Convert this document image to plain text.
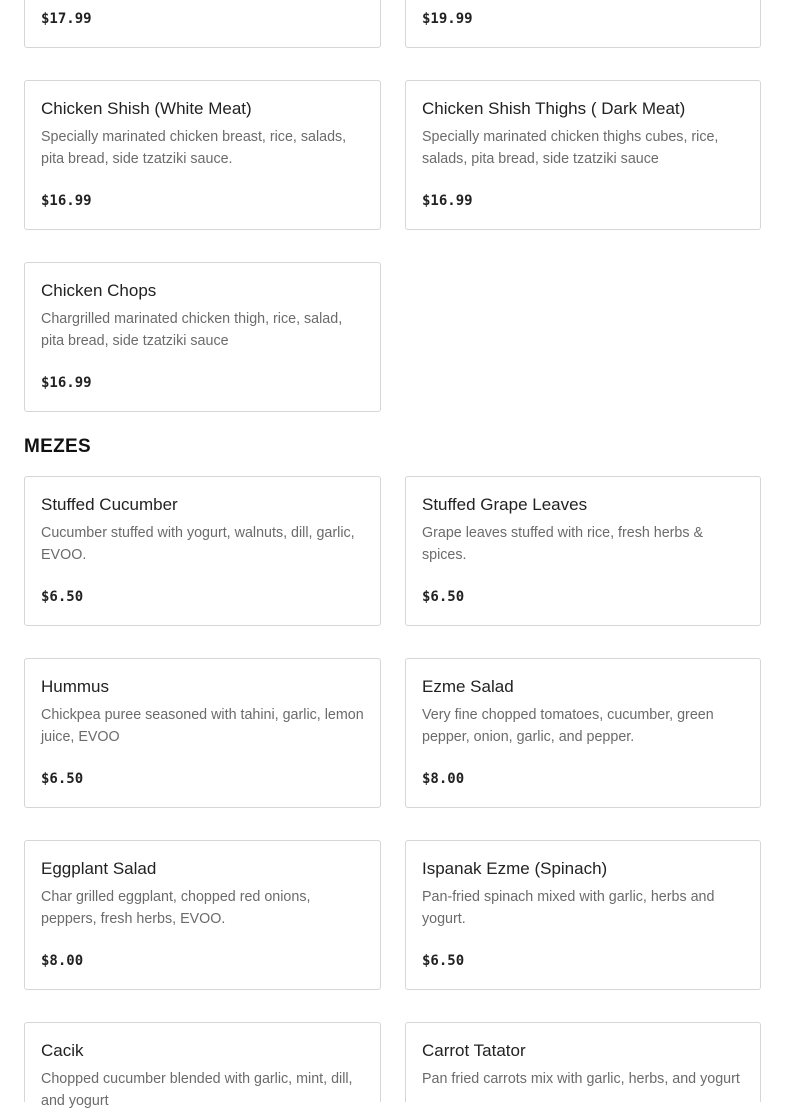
$17.99	$19.99
Chicken Shish (White Meat)
Specially marinated chicken breast, rice, salads, pita bread, side tzatziki sauce.
$16.99
Chicken Shish Thighs ( Dark Meat)
Specially marinated chicken thighs cubes, rice, salads, pita bread, side tzatziki sauce
$16.99
Chicken Chops
Chargrilled marinated chicken thigh, rice, salad, pita bread, side tzatziki sauce
$16.99
MEZES
Stuffed Cucumber
Cucumber stuffed with yogurt, walnuts, dill, garlic, EVOO.
$6.50
Stuffed Grape Leaves
Grape leaves stuffed with rice, fresh herbs & spices.
$6.50
Hummus
Chickpea puree seasoned with tahini, garlic, lemon juice, EVOO
$6.50
Ezme Salad
Very fine chopped tomatoes, cucumber, green pepper, onion, garlic, and pepper.
$8.00
Eggplant Salad
Char grilled eggplant, chopped red onions, peppers, fresh herbs, EVOO.
$8.00
Ispanak Ezme (Spinach)
Pan-fried spinach mixed with garlic, herbs and yogurt.
$6.50
Cacik
Chopped cucumber blended with garlic, mint, dill, and yogurt
Carrot Tatator
Pan fried carrots mix with garlic, herbs, and yogurt
